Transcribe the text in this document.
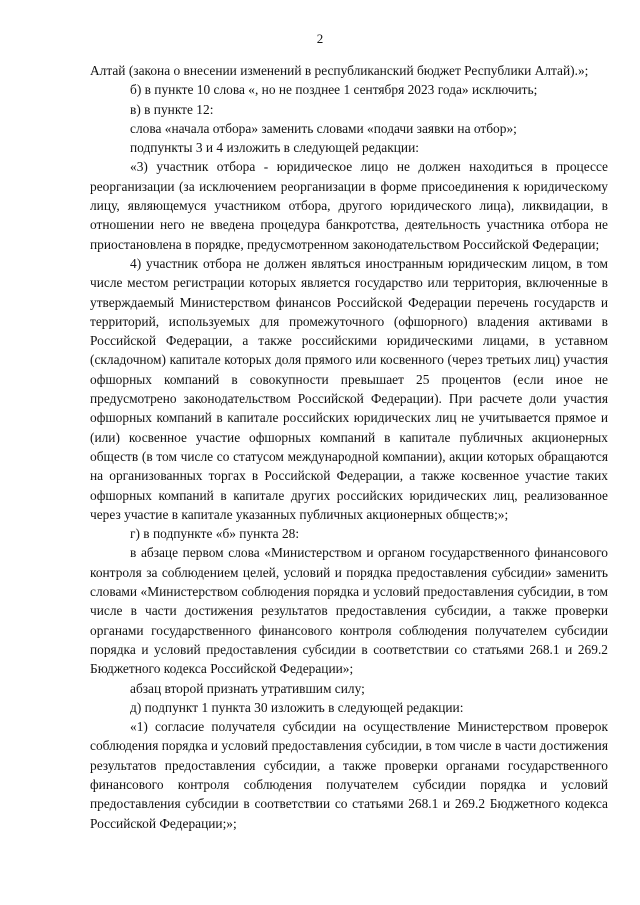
2

Алтай (закона о внесении изменений в республиканский бюджет Республики Алтай).»;

б) в пункте 10 слова «, но не позднее 1 сентября 2023 года» исключить;

в) в пункте 12:

слова «начала отбора» заменить словами «подачи заявки на отбор»;

подпункты 3 и 4 изложить в следующей редакции:

«3) участник отбора - юридическое лицо не должен находиться в процессе реорганизации (за исключением реорганизации в форме присоединения к юридическому лицу, являющемуся участником отбора, другого юридического лица), ликвидации, в отношении него не введена процедура банкротства, деятельность участника отбора не приостановлена в порядке, предусмотренном законодательством Российской Федерации;

4) участник отбора не должен являться иностранным юридическим лицом, в том числе местом регистрации которых является государство или территория, включенные в утверждаемый Министерством финансов Российской Федерации перечень государств и территорий, используемых для промежуточного (офшорного) владения активами в Российской Федерации, а также российскими юридическими лицами, в уставном (складочном) капитале которых доля прямого или косвенного (через третьих лиц) участия офшорных компаний в совокупности превышает 25 процентов (если иное не предусмотрено законодательством Российской Федерации). При расчете доли участия офшорных компаний в капитале российских юридических лиц не учитывается прямое и (или) косвенное участие офшорных компаний в капитале публичных акционерных обществ (в том числе со статусом международной компании), акции которых обращаются на организованных торгах в Российской Федерации, а также косвенное участие таких офшорных компаний в капитале других российских юридических лиц, реализованное через участие в капитале указанных публичных акционерных обществ;»;

г) в подпункте «б» пункта 28:

в абзаце первом слова «Министерством и органом государственного финансового контроля за соблюдением целей, условий и порядка предоставления субсидии» заменить словами «Министерством соблюдения порядка и условий предоставления субсидии, в том числе в части достижения результатов предоставления субсидии, а также проверки органами государственного финансового контроля соблюдения получателем субсидии порядка и условий предоставления субсидии в соответствии со статьями 268.1 и 269.2 Бюджетного кодекса Российской Федерации»;

абзац второй признать утратившим силу;

д) подпункт 1 пункта 30 изложить в следующей редакции:

«1) согласие получателя субсидии на осуществление Министерством проверок соблюдения порядка и условий предоставления субсидии, в том числе в части достижения результатов предоставления субсидии, а также проверки органами государственного финансового контроля соблюдения получателем субсидии порядка и условий предоставления субсидии в соответствии со статьями 268.1 и 269.2 Бюджетного кодекса Российской Федерации;»;
